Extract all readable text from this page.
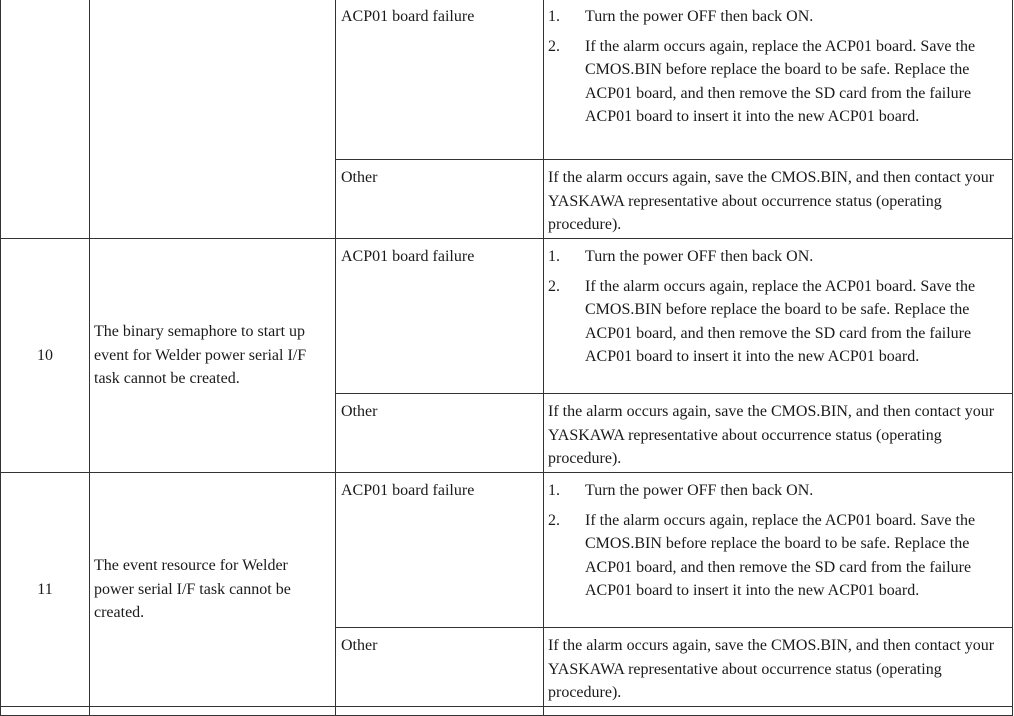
		ACP01 board failure	1. Turn the power OFF then back ON.
2. If the alarm occurs again, replace the ACP01 board. Save the CMOS.BIN before replace the board to be safe. Replace the ACP01 board, and then remove the SD card from the failure ACP01 board to insert it into the new ACP01 board.

		Other	If the alarm occurs again, save the CMOS.BIN, and then contact your YASKAWA representative about occurrence status (operating procedure).

10	The binary semaphore to start up event for Welder power serial I/F task cannot be created.	ACP01 board failure	1. Turn the power OFF then back ON.
2. If the alarm occurs again, replace the ACP01 board. Save the CMOS.BIN before replace the board to be safe. Replace the ACP01 board, and then remove the SD card from the failure ACP01 board to insert it into the new ACP01 board.

		Other	If the alarm occurs again, save the CMOS.BIN, and then contact your YASKAWA representative about occurrence status (operating procedure).

11	The event resource for Welder power serial I/F task cannot be created.	ACP01 board failure	1. Turn the power OFF then back ON.
2. If the alarm occurs again, replace the ACP01 board. Save the CMOS.BIN before replace the board to be safe. Replace the ACP01 board, and then remove the SD card from the failure ACP01 board to insert it into the new ACP01 board.

		Other	If the alarm occurs again, save the CMOS.BIN, and then contact your YASKAWA representative about occurrence status (operating procedure).
